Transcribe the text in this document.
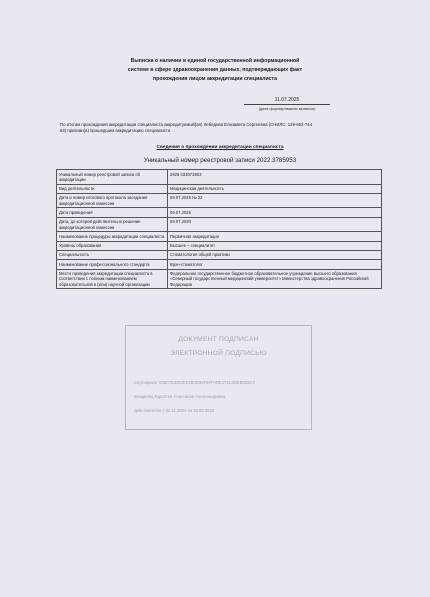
Выписка о наличии в единой государственной информационной
системе в сфере здравоохранения данных, подтверждающих факт
прохождения лицом аккредитации специалиста
11.07.2025
(дата формирования выписки)
По итогам прохождения аккредитации специалиста аккредитуемый(ая) Лебедева Елизавета Сергеевна (СНИЛС: 129-602-744
64) признан(а) прошедшим аккредитацию специалиста
Сведения о прохождении аккредитации специалиста
Уникальный номер реестровой записи 2022.3785953
Уникальный номер реестровой записи об аккредитации	2925 033073803
Вид деятельности	Медицинская деятельность
Дата и номер итогового протокола заседания аккредитационной комиссии	09.07.2025 № 32
Дата проведения	09.07.2025
Дата, до которой действительно решение аккредитационной комиссии	09.07.2030
Наименование процедуры аккредитации специалиста	Первичная аккредитация
Уровень образования	Высшее – специалитет
Специальность	Стоматология общей практики
Наименование профессионального стандарта	Врач-стоматолог
Место проведения аккредитации специалиста в соответствии с полным наименованием образовательной и (или) научной организации	Федеральное государственное бюджетное образовательное учреждение высшего образования «Северный государственный медицинский университет» Министерства здравоохранения Российской Федерации
ДОКУМЕНТ ПОДПИСАН
ЭЛЕКТРОННОЙ ПОДПИСЬЮ
Сертификат 00B07E3252E24B0EB5F6FFABE174C4BEB502C0
Владелец Куроптев Анастасия Александровна
Действителен с 22.11.2024 по 15.02.2026
